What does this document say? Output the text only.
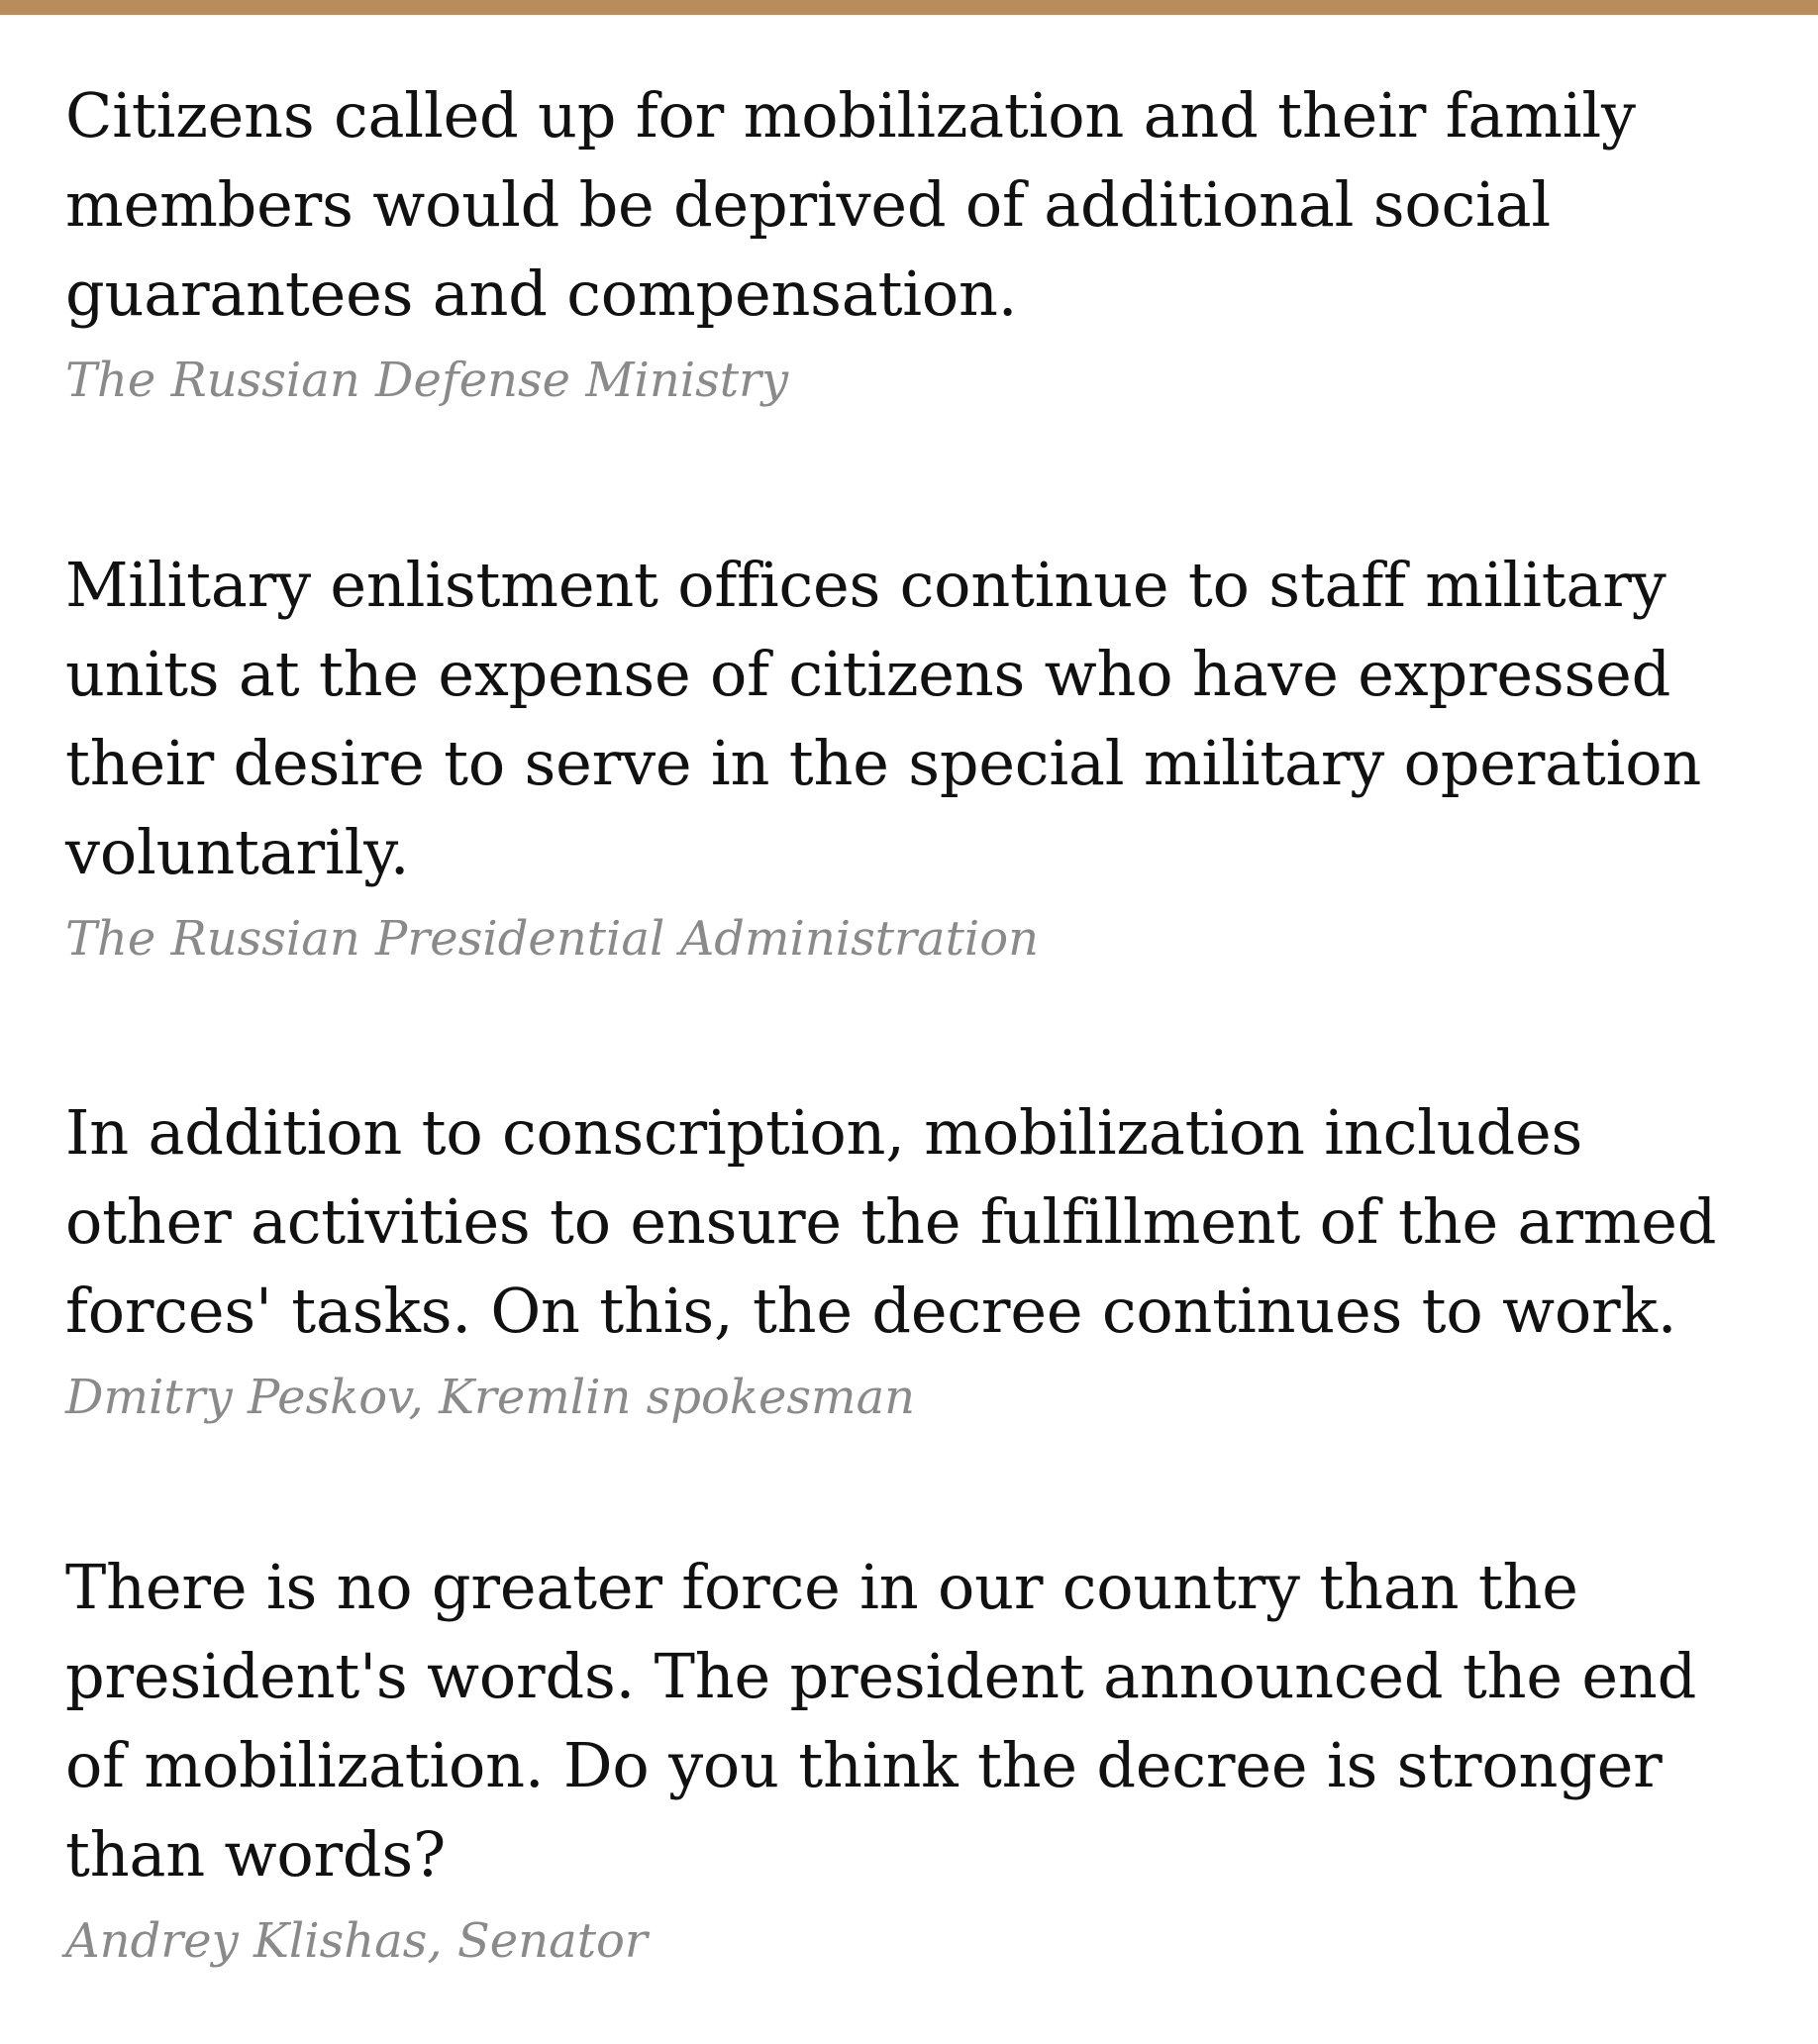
Citizens called up for mobilization and their family members would be deprived of additional social guarantees and compensation.

The Russian Defense Ministry

Military enlistment offices continue to staff military units at the expense of citizens who have expressed their desire to serve in the special military operation voluntarily.

The Russian Presidential Administration

In addition to conscription, mobilization includes other activities to ensure the fulfillment of the armed forces' tasks. On this, the decree continues to work.

Dmitry Peskov, Kremlin spokesman

There is no greater force in our country than the president's words. The president announced the end of mobilization. Do you think the decree is stronger than words?

Andrey Klishas, Senator
